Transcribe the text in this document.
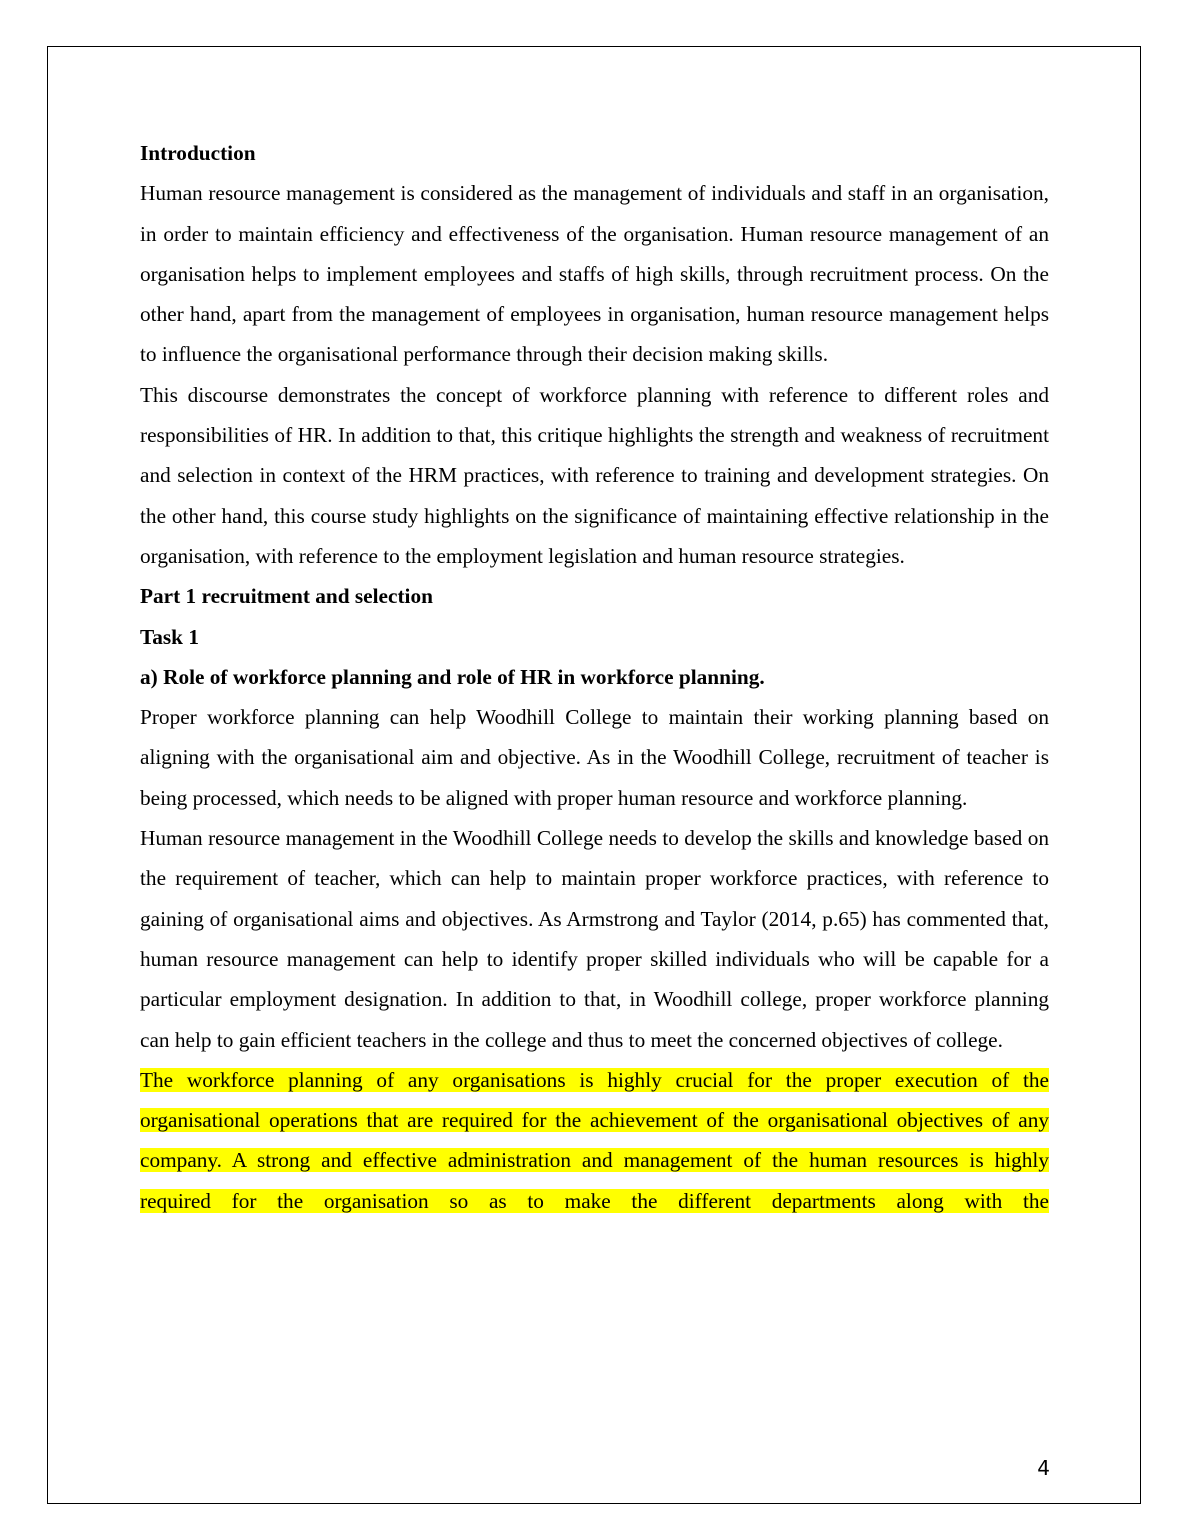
Introduction

Human resource management is considered as the management of individuals and staff in an organisation, in order to maintain efficiency and effectiveness of the organisation. Human resource management of an organisation helps to implement employees and staffs of high skills, through recruitment process. On the other hand, apart from the management of employees in organisation, human resource management helps to influence the organisational performance through their decision making skills.

This discourse demonstrates the concept of workforce planning with reference to different roles and responsibilities of HR. In addition to that, this critique highlights the strength and weakness of recruitment and selection in context of the HRM practices, with reference to training and development strategies. On the other hand, this course study highlights on the significance of maintaining effective relationship in the organisation, with reference to the employment legislation and human resource strategies.

Part 1 recruitment and selection

Task 1

a) Role of workforce planning and role of HR in workforce planning.

Proper workforce planning can help Woodhill College to maintain their working planning based on aligning with the organisational aim and objective. As in the Woodhill College, recruitment of teacher is being processed, which needs to be aligned with proper human resource and workforce planning.

Human resource management in the Woodhill College needs to develop the skills and knowledge based on the requirement of teacher, which can help to maintain proper workforce practices, with reference to gaining of organisational aims and objectives. As Armstrong and Taylor (2014, p.65) has commented that, human resource management can help to identify proper skilled individuals who will be capable for a particular employment designation. In addition to that, in Woodhill college, proper workforce planning can help to gain efficient teachers in the college and thus to meet the concerned objectives of college.

The workforce planning of any organisations is highly crucial for the proper execution of the organisational operations that are required for the achievement of the organisational objectives of any company. A strong and effective administration and management of the human resources is highly required for the organisation so as to make the different departments along with the

4
